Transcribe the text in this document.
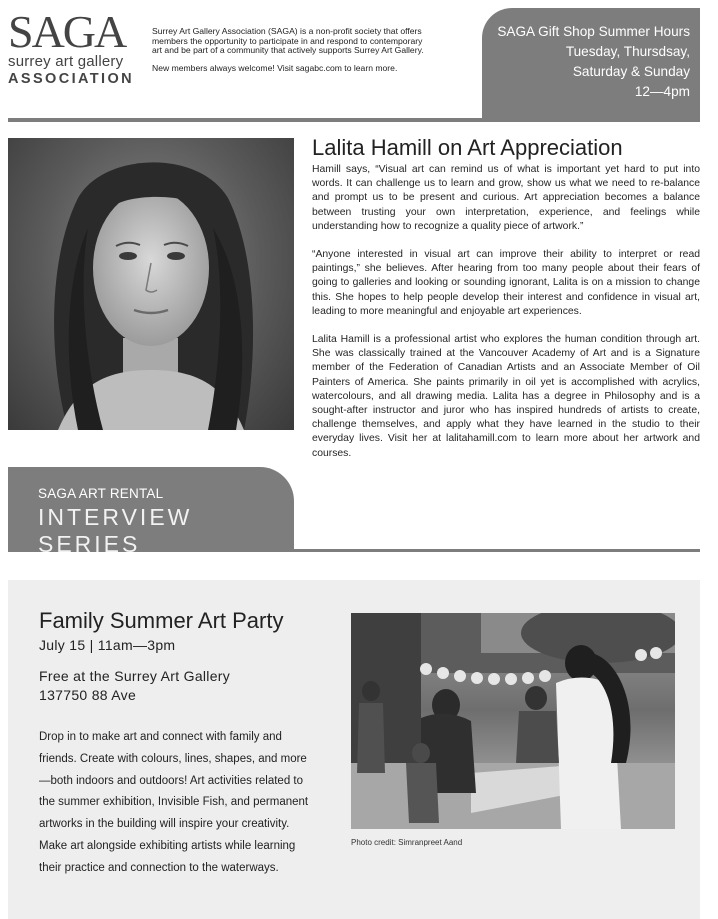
SAGA
surrey art gallery
ASSOCIATION

Surrey Art Gallery Association (SAGA) is a non-profit society that offers members the opportunity to participate in and respond to contemporary art and be part of a community that actively supports Surrey Art Gallery.

New members always welcome! Visit sagabc.com to learn more.

SAGA Gift Shop Summer Hours
Tuesday, Thursdsay,
Saturday & Sunday
12—4pm
SAGA ART RENTAL
INTERVIEW SERIES
Lalita Hamill on Art Appreciation

Hamill says, “Visual art can remind us of what is important yet hard to put into words. It can challenge us to learn and grow, show us what we need to re-balance and prompt us to be present and curious. Art appreciation becomes a balance between trusting your own interpretation, experience, and feelings while understanding how to recognize a quality piece of artwork.”

“Anyone interested in visual art can improve their ability to interpret or read paintings,” she believes. After hearing from too many people about their fears of going to galleries and looking or sounding ignorant, Lalita is on a mission to change this. She hopes to help people develop their interest and confidence in visual art, leading to more meaningful and enjoyable art experiences.

Lalita Hamill is a professional artist who explores the human condition through art. She was classically trained at the Vancouver Academy of Art and is a Signature member of the Federation of Canadian Artists and an Associate Member of Oil Painters of America. She paints primarily in oil yet is accomplished with acrylics, watercolours, and all drawing media. Lalita has a degree in Philosophy and is a sought-after instructor and juror who has inspired hundreds of artists to create, challenge themselves, and apply what they have learned in the studio to their everyday lives. Visit her at lalitahamill.com to learn more about her artwork and courses.

Family Summer Art Party
July 15 | 11am—3pm
Free at the Surrey Art Gallery
137750 88 Ave
Drop in to make art and connect with family and friends. Create with colours, lines, shapes, and more—both indoors and outdoors! Art activities related to the summer exhibition, Invisible Fish, and permanent artworks in the building will inspire your creativity. Make art alongside exhibiting artists while learning their practice and connection to the waterways.
Photo credit: Simranpreet Aand
